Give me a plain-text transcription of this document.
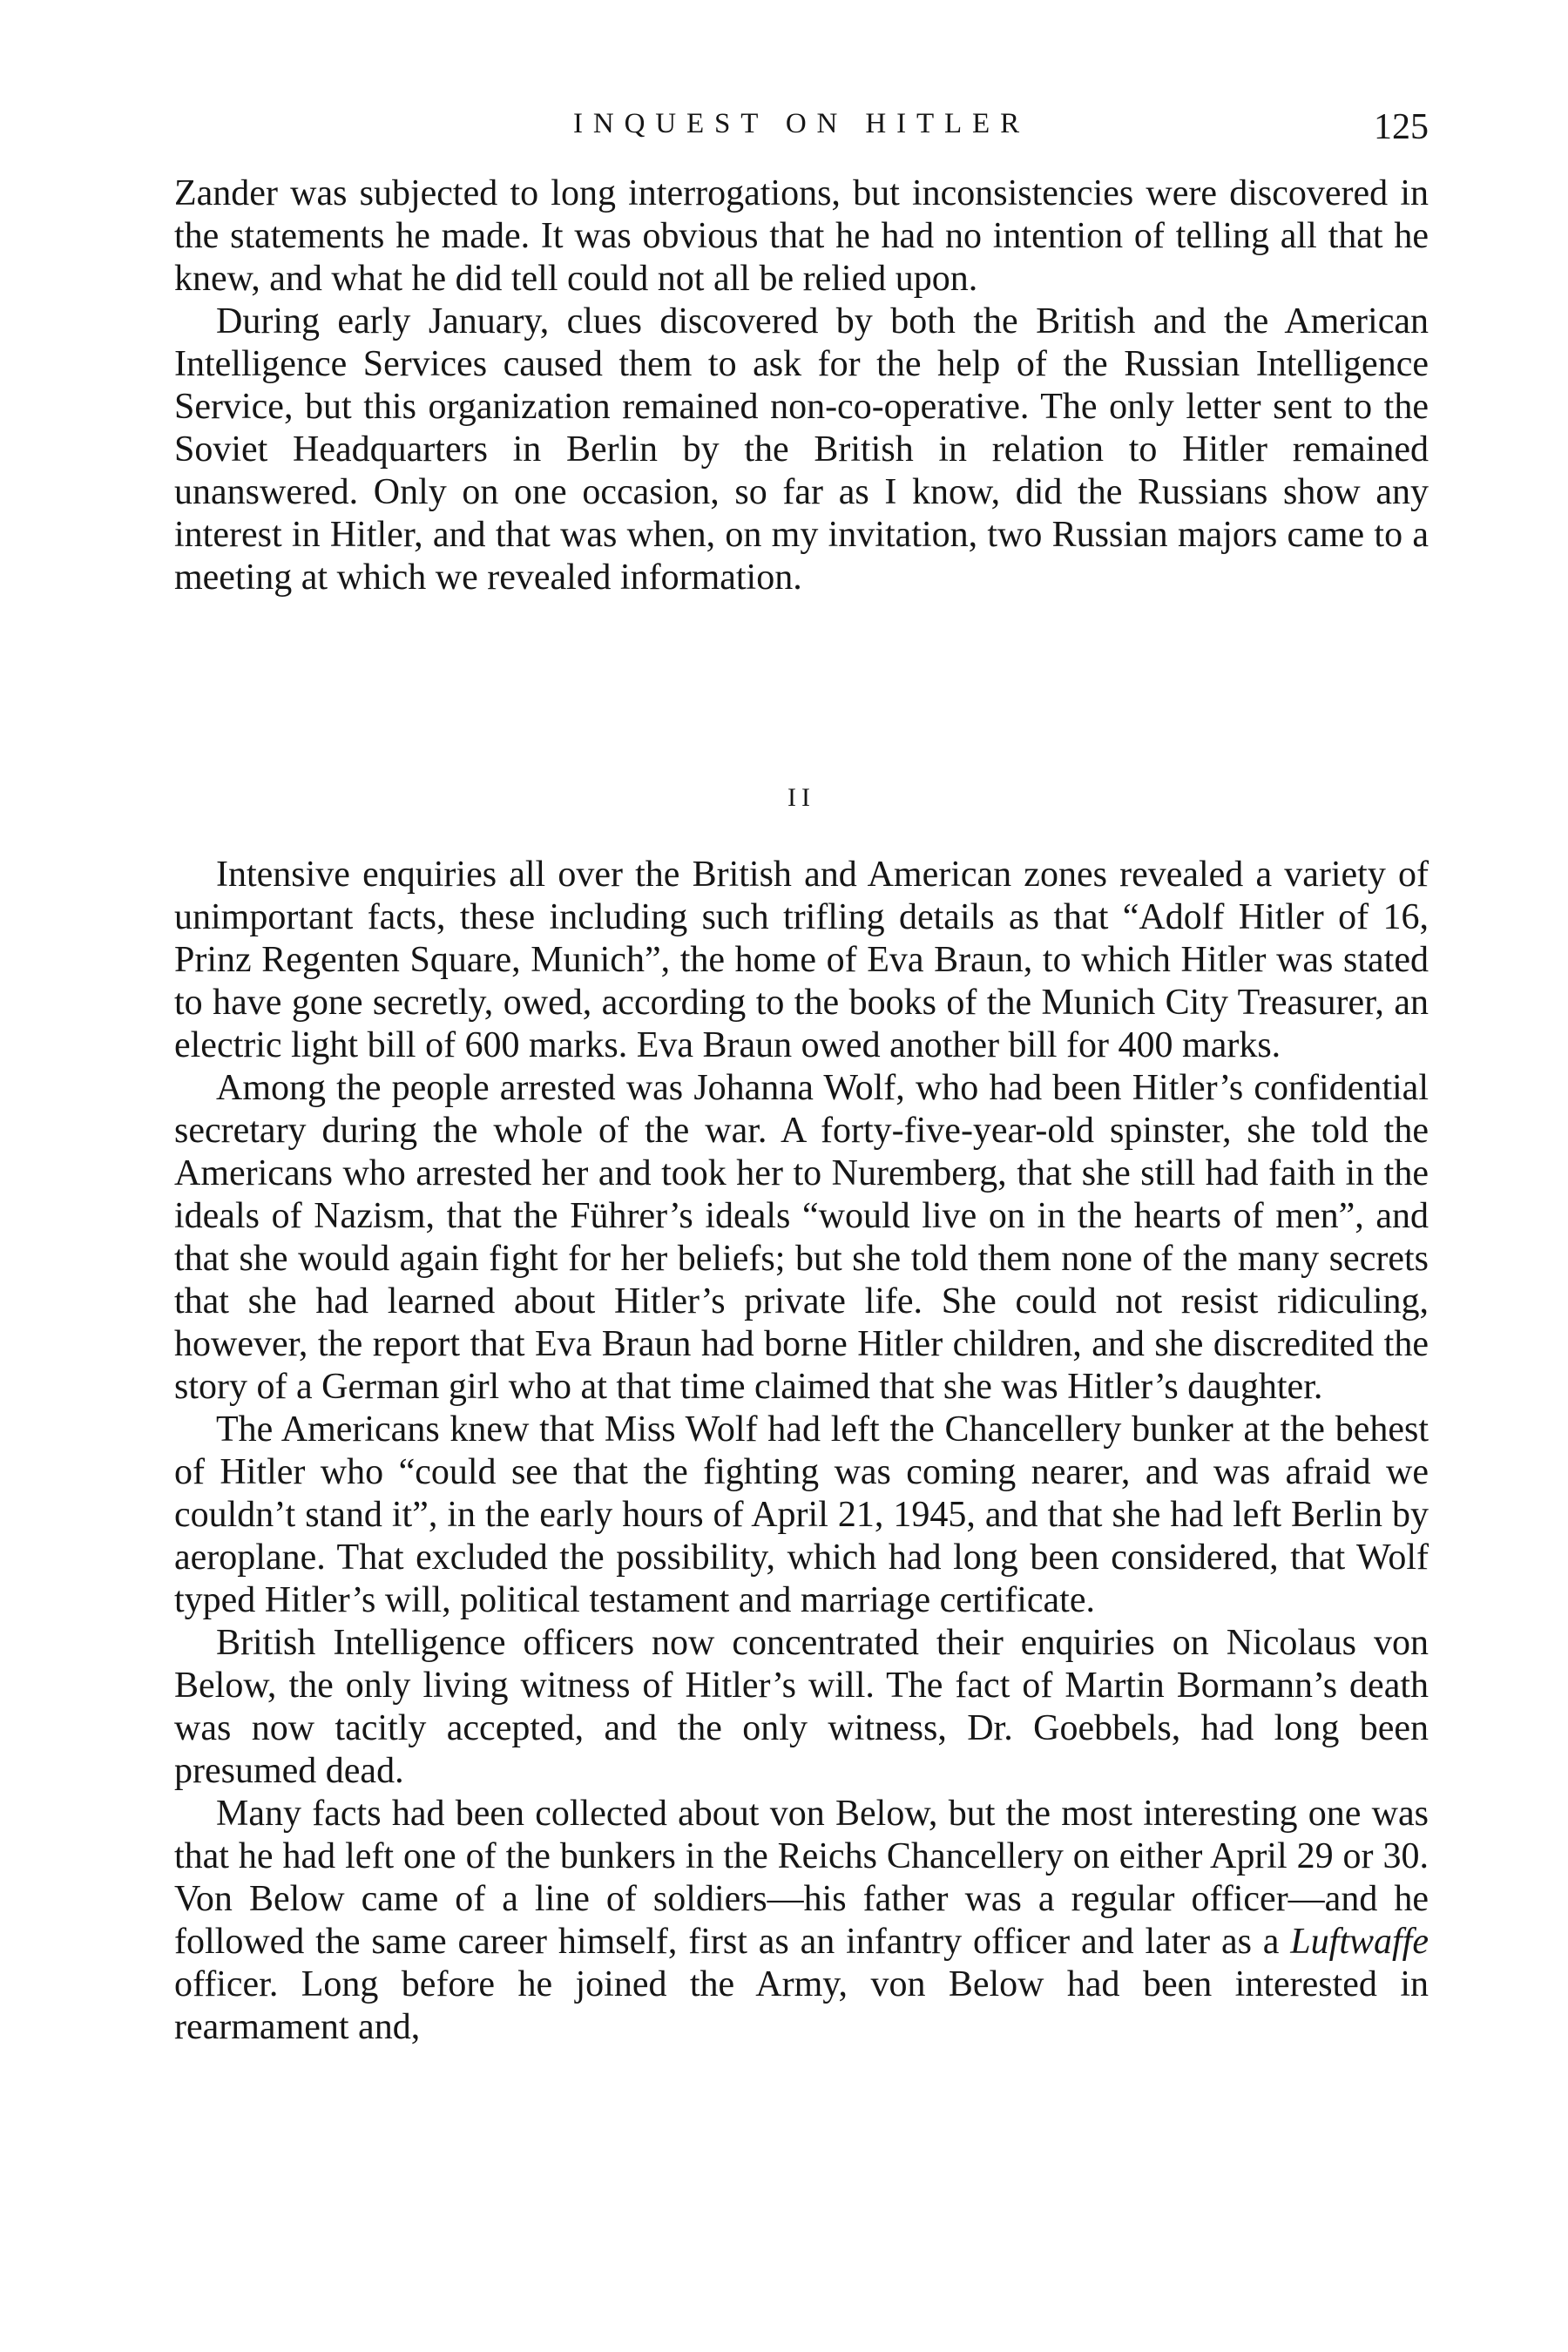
INQUEST ON HITLER	125

Zander was subjected to long interrogations, but inconsistencies were discovered in the statements he made. It was obvious that he had no intention of telling all that he knew, and what he did tell could not all be relied upon.

During early January, clues discovered by both the British and the American Intelligence Services caused them to ask for the help of the Russian Intelligence Service, but this organization remained non-co-operative. The only letter sent to the Soviet Headquarters in Berlin by the British in relation to Hitler remained unanswered. Only on one occasion, so far as I know, did the Russians show any interest in Hitler, and that was when, on my invitation, two Russian majors came to a meeting at which we revealed information.

II

Intensive enquiries all over the British and American zones revealed a variety of unimportant facts, these including such trifling details as that “Adolf Hitler of 16, Prinz Regenten Square, Munich”, the home of Eva Braun, to which Hitler was stated to have gone secretly, owed, according to the books of the Munich City Treasurer, an electric light bill of 600 marks. Eva Braun owed another bill for 400 marks.

Among the people arrested was Johanna Wolf, who had been Hitler’s confidential secretary during the whole of the war. A forty-five-year-old spinster, she told the Americans who arrested her and took her to Nuremberg, that she still had faith in the ideals of Nazism, that the Führer’s ideals “would live on in the hearts of men”, and that she would again fight for her beliefs; but she told them none of the many secrets that she had learned about Hitler’s private life. She could not resist ridiculing, however, the report that Eva Braun had borne Hitler children, and she discredited the story of a German girl who at that time claimed that she was Hitler’s daughter.

The Americans knew that Miss Wolf had left the Chancellery bunker at the behest of Hitler who “could see that the fighting was coming nearer, and was afraid we couldn’t stand it”, in the early hours of April 21, 1945, and that she had left Berlin by aeroplane. That excluded the possibility, which had long been considered, that Wolf typed Hitler’s will, political testament and marriage certificate.

British Intelligence officers now concentrated their enquiries on Nicolaus von Below, the only living witness of Hitler’s will. The fact of Martin Bormann’s death was now tacitly accepted, and the only witness, Dr. Goebbels, had long been presumed dead.

Many facts had been collected about von Below, but the most interesting one was that he had left one of the bunkers in the Reichs Chancellery on either April 29 or 30. Von Below came of a line of soldiers—his father was a regular officer—and he followed the same career himself, first as an infantry officer and later as a Luftwaffe officer. Long before he joined the Army, von Below had been interested in rearmament and,
